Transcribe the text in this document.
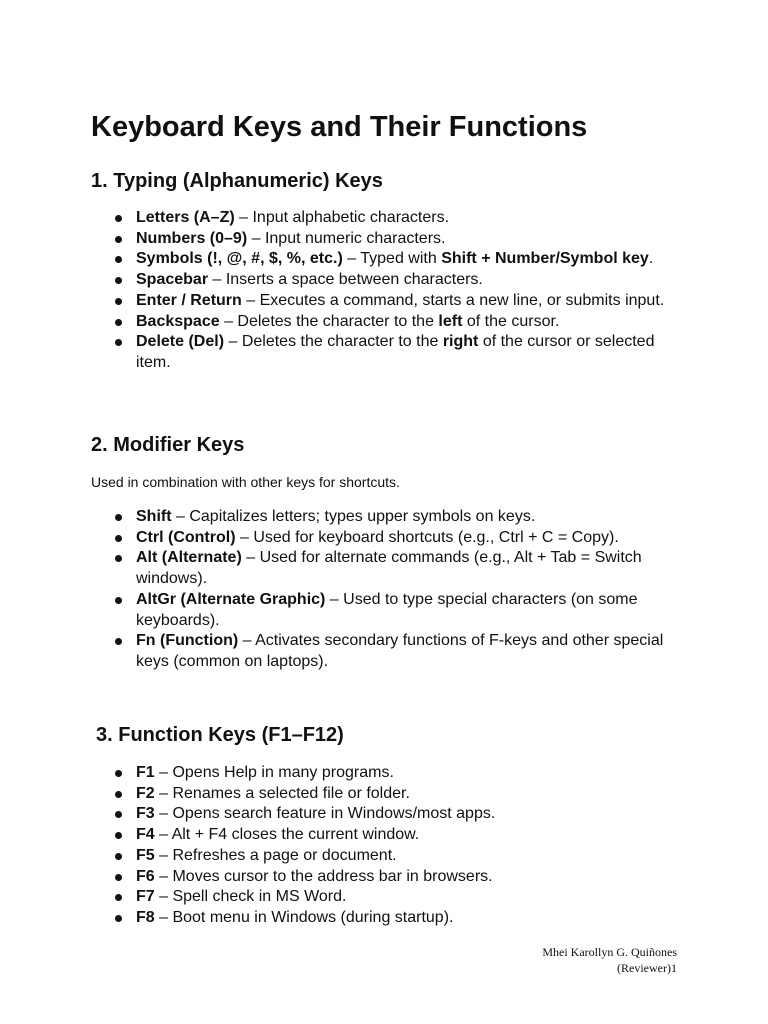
Keyboard Keys and Their Functions
1. Typing (Alphanumeric) Keys
Letters (A–Z) – Input alphabetic characters.
Numbers (0–9) – Input numeric characters.
Symbols (!, @, #, $, %, etc.) – Typed with Shift + Number/Symbol key.
Spacebar – Inserts a space between characters.
Enter / Return – Executes a command, starts a new line, or submits input.
Backspace – Deletes the character to the left of the cursor.
Delete (Del) – Deletes the character to the right of the cursor or selected item.
2. Modifier Keys

Used in combination with other keys for shortcuts.

Shift – Capitalizes letters; types upper symbols on keys.
Ctrl (Control) – Used for keyboard shortcuts (e.g., Ctrl + C = Copy).
Alt (Alternate) – Used for alternate commands (e.g., Alt + Tab = Switch windows).
AltGr (Alternate Graphic) – Used to type special characters (on some keyboards).
Fn (Function) – Activates secondary functions of F-keys and other special keys (common on laptops).
3. Function Keys (F1–F12)
F1 – Opens Help in many programs.
F2 – Renames a selected file or folder.
F3 – Opens search feature in Windows/most apps.
F4 – Alt + F4 closes the current window.
F5 – Refreshes a page or document.
F6 – Moves cursor to the address bar in browsers.
F7 – Spell check in MS Word.
F8 – Boot menu in Windows (during startup).
Mhei Karollyn G. Quiñones
(Reviewer)1
